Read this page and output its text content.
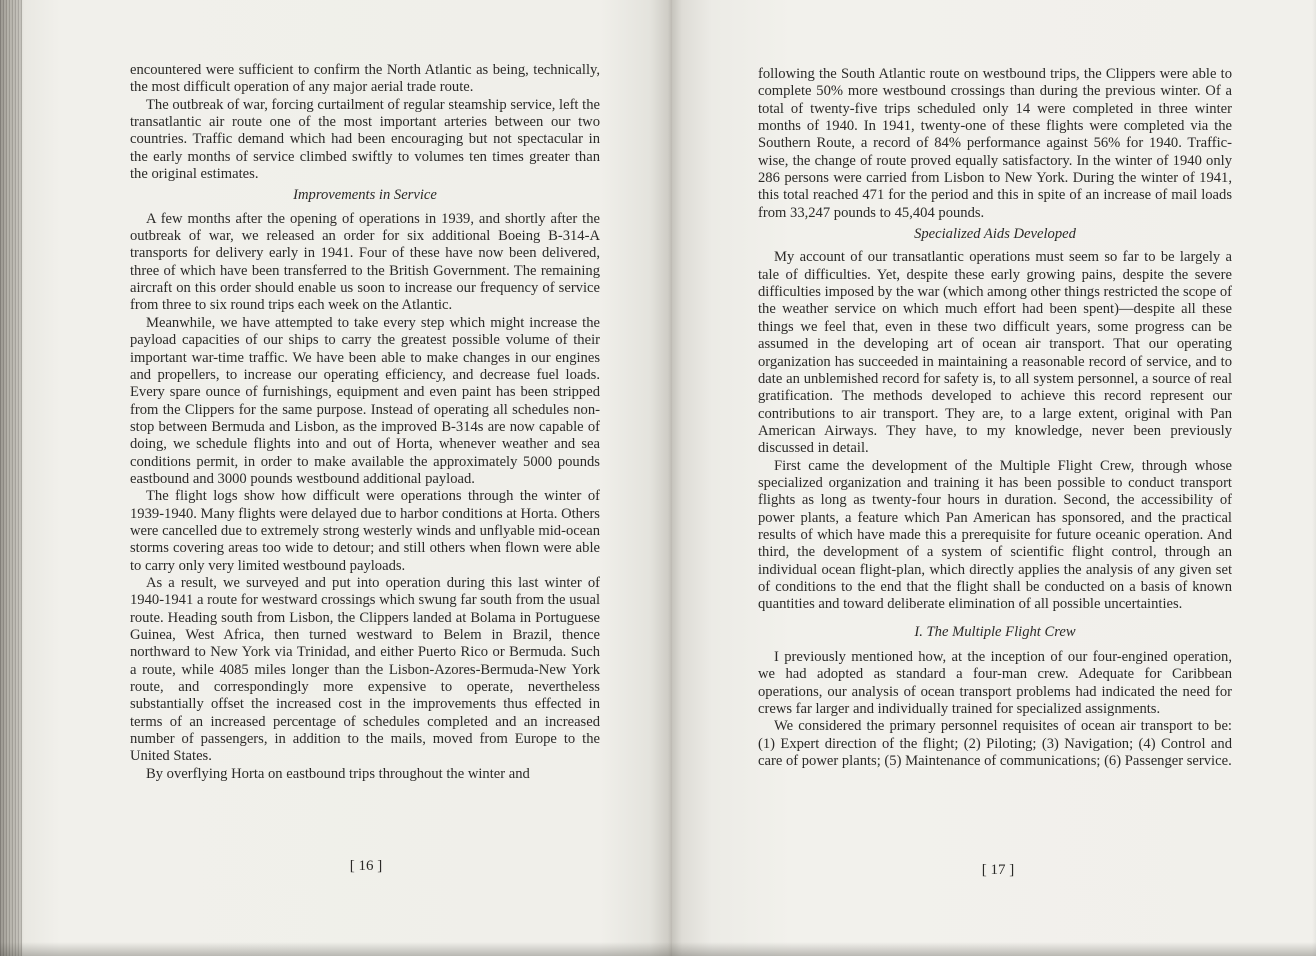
encountered were sufficient to confirm the North Atlantic as being, technically, the most difficult operation of any major aerial trade route.

The outbreak of war, forcing curtailment of regular steamship service, left the transatlantic air route one of the most important arteries between our two countries. Traffic demand which had been encouraging but not spectacular in the early months of service climbed swiftly to volumes ten times greater than the original estimates.

Improvements in Service

A few months after the opening of operations in 1939, and shortly after the outbreak of war, we released an order for six additional Boeing B-314-A transports for delivery early in 1941. Four of these have now been delivered, three of which have been transferred to the British Government. The remaining aircraft on this order should enable us soon to increase our frequency of service from three to six round trips each week on the Atlantic.

Meanwhile, we have attempted to take every step which might increase the payload capacities of our ships to carry the greatest possible volume of their important war-time traffic. We have been able to make changes in our engines and propellers, to increase our operating efficiency, and decrease fuel loads. Every spare ounce of furnishings, equipment and even paint has been stripped from the Clippers for the same purpose. Instead of operating all schedules non-stop between Bermuda and Lisbon, as the improved B-314s are now capable of doing, we schedule flights into and out of Horta, whenever weather and sea conditions permit, in order to make available the approximately 5000 pounds eastbound and 3000 pounds westbound additional payload.

The flight logs show how difficult were operations through the winter of 1939-1940. Many flights were delayed due to harbor conditions at Horta. Others were cancelled due to extremely strong westerly winds and unflyable mid-ocean storms covering areas too wide to detour; and still others when flown were able to carry only very limited westbound payloads.

As a result, we surveyed and put into operation during this last winter of 1940-1941 a route for westward crossings which swung far south from the usual route. Heading south from Lisbon, the Clippers landed at Bolama in Portuguese Guinea, West Africa, then turned westward to Belem in Brazil, thence northward to New York via Trinidad, and either Puerto Rico or Bermuda. Such a route, while 4085 miles longer than the Lisbon-Azores-Bermuda-New York route, and correspondingly more expensive to operate, nevertheless substantially offset the increased cost in the improvements thus effected in terms of an increased percentage of schedules completed and an increased number of passengers, in addition to the mails, moved from Europe to the United States.

By overflying Horta on eastbound trips throughout the winter and

[ 16 ]

following the South Atlantic route on westbound trips, the Clippers were able to complete 50% more westbound crossings than during the previous winter. Of a total of twenty-five trips scheduled only 14 were completed in three winter months of 1940. In 1941, twenty-one of these flights were completed via the Southern Route, a record of 84% performance against 56% for 1940. Traffic-wise, the change of route proved equally satisfactory. In the winter of 1940 only 286 persons were carried from Lisbon to New York. During the winter of 1941, this total reached 471 for the period and this in spite of an increase of mail loads from 33,247 pounds to 45,404 pounds.

Specialized Aids Developed

My account of our transatlantic operations must seem so far to be largely a tale of difficulties. Yet, despite these early growing pains, despite the severe difficulties imposed by the war (which among other things restricted the scope of the weather service on which much effort had been spent)—despite all these things we feel that, even in these two difficult years, some progress can be assumed in the developing art of ocean air transport. That our operating organization has succeeded in maintaining a reasonable record of service, and to date an unblemished record for safety is, to all system personnel, a source of real gratification. The methods developed to achieve this record represent our contributions to air transport. They are, to a large extent, original with Pan American Airways. They have, to my knowledge, never been previously discussed in detail.

First came the development of the Multiple Flight Crew, through whose specialized organization and training it has been possible to conduct transport flights as long as twenty-four hours in duration. Second, the accessibility of power plants, a feature which Pan American has sponsored, and the practical results of which have made this a prerequisite for future oceanic operation. And third, the development of a system of scientific flight control, through an individual ocean flight-plan, which directly applies the analysis of any given set of conditions to the end that the flight shall be conducted on a basis of known quantities and toward deliberate elimination of all possible uncertainties.

I. The Multiple Flight Crew

I previously mentioned how, at the inception of our four-engined operation, we had adopted as standard a four-man crew. Adequate for Caribbean operations, our analysis of ocean transport problems had indicated the need for crews far larger and individually trained for specialized assignments.

We considered the primary personnel requisites of ocean air transport to be: (1) Expert direction of the flight; (2) Piloting; (3) Navigation; (4) Control and care of power plants; (5) Maintenance of communications; (6) Passenger service.

[ 17 ]
